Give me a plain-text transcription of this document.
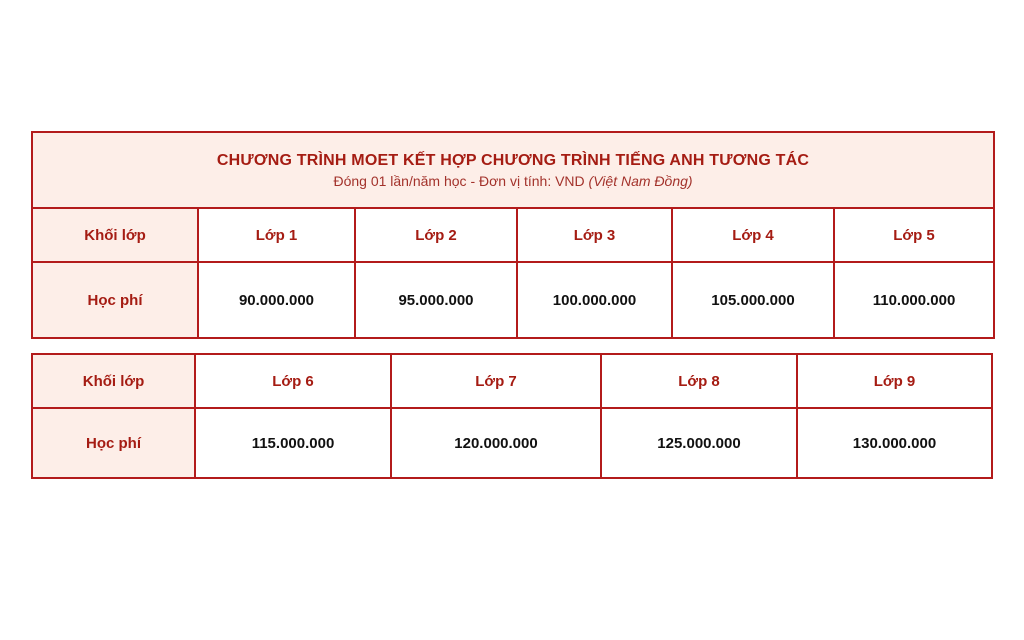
CHƯƠNG TRÌNH MOET KẾT HỢP CHƯƠNG TRÌNH TIẾNG ANH TƯƠNG TÁC
Đóng 01 lần/năm học - Đơn vị tính: VND (Việt Nam Đồng)					

Khối lớp	Lớp 1	Lớp 2	Lớp 3	Lớp 4	Lớp 5
Học phí	90.000.000	95.000.000	100.000.000	105.000.000	110.000.000
Khối lớp	Lớp 6	Lớp 7	Lớp 8	Lớp 9
Học phí	115.000.000	120.000.000	125.000.000	130.000.000
